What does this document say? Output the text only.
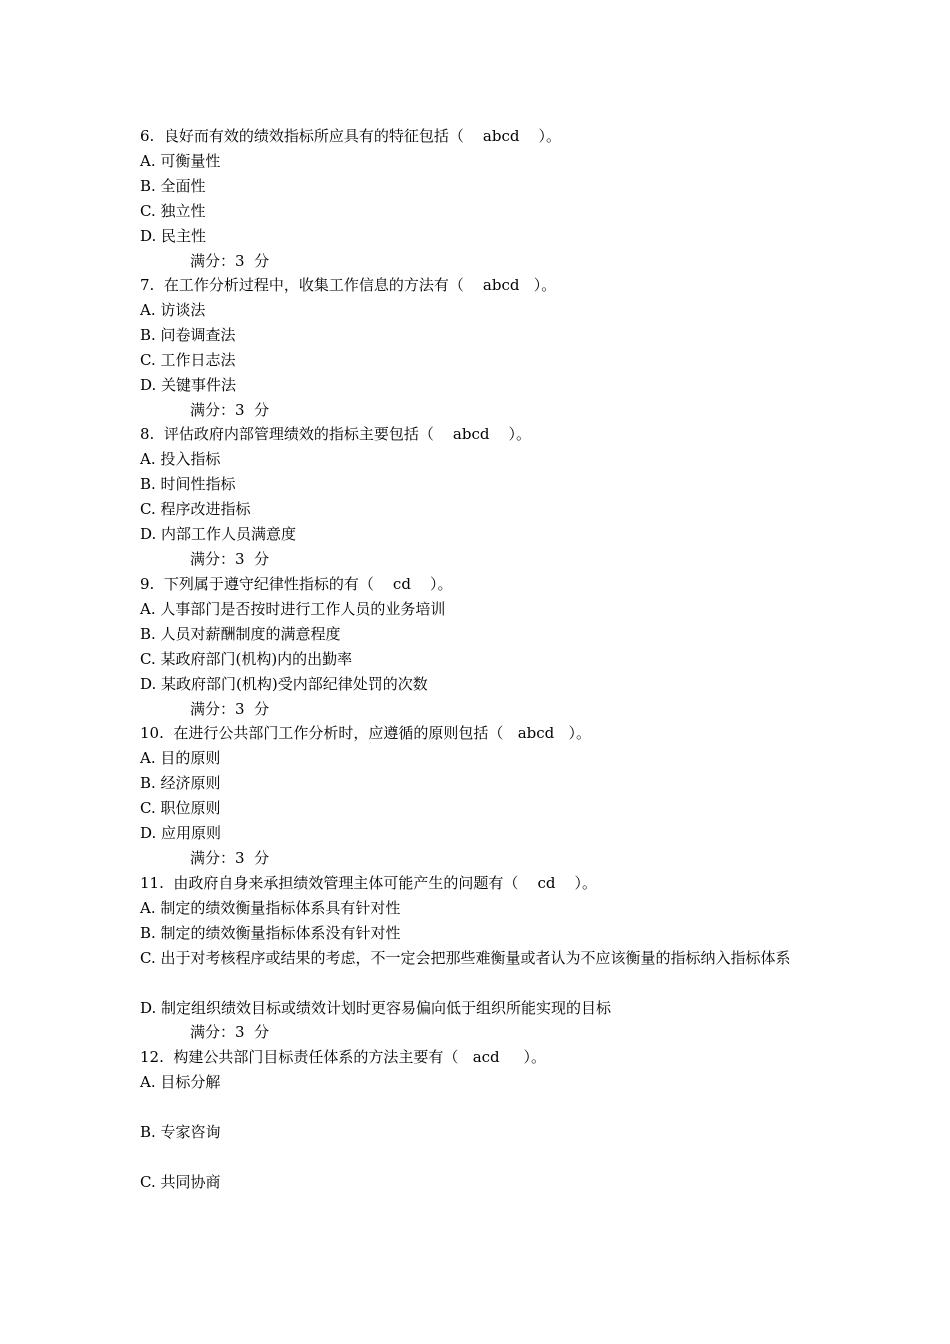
6.  良好而有效的绩效指标所应具有的特征包括（    abcd    ）。
A. 可衡量性
B. 全面性
C. 独立性
D. 民主性
满分：3  分
7.  在工作分析过程中，收集工作信息的方法有（    abcd   ）。
A. 访谈法
B. 问卷调查法
C. 工作日志法
D. 关键事件法
满分：3  分
8.  评估政府内部管理绩效的指标主要包括（    abcd    ）。
A. 投入指标
B. 时间性指标
C. 程序改进指标
D. 内部工作人员满意度
满分：3  分
9.  下列属于遵守纪律性指标的有（    cd    ）。
A. 人事部门是否按时进行工作人员的业务培训
B. 人员对薪酬制度的满意程度
C. 某政府部门(机构)内的出勤率
D. 某政府部门(机构)受内部纪律处罚的次数
满分：3  分
10.  在进行公共部门工作分析时，应遵循的原则包括（   abcd   ）。
A. 目的原则
B. 经济原则
C. 职位原则
D. 应用原则
满分：3  分
11.  由政府自身来承担绩效管理主体可能产生的问题有（    cd    ）。
A. 制定的绩效衡量指标体系具有针对性
B. 制定的绩效衡量指标体系没有针对性
C. 出于对考核程序或结果的考虑，不一定会把那些难衡量或者认为不应该衡量的指标纳入指标体系
D. 制定组织绩效目标或绩效计划时更容易偏向低于组织所能实现的目标
满分：3  分
12.  构建公共部门目标责任体系的方法主要有（   acd     ）。
A. 目标分解
B. 专家咨询
C. 共同协商
